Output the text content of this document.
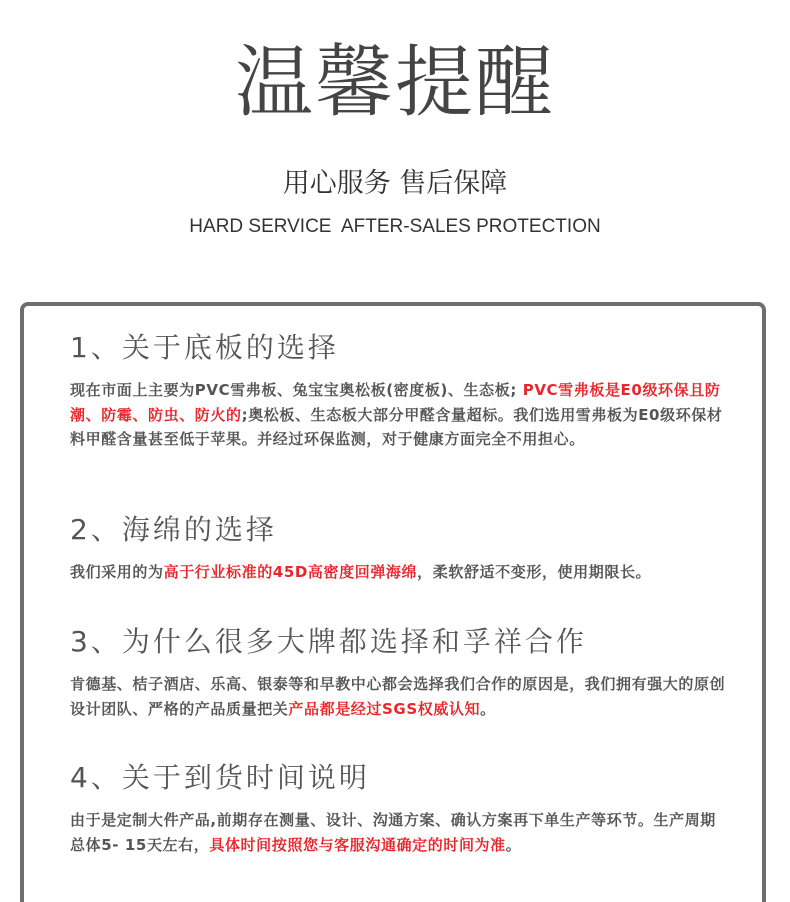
温馨提醒
用心服务 售后保障
HARD SERVICE  AFTER-SALES PROTECTION
1、关于底板的选择
现在市面上主要为PVC雪弗板、兔宝宝奥松板(密度板)、生态板; PVC雪弗板是E0级环保且防潮、防霉、防虫、防火的;奥松板、生态板大部分甲醛含量超标。我们选用雪弗板为E0级环保材料甲醛含量甚至低于苹果。并经过环保监测，对于健康方面完全不用担心。
2、海绵的选择
我们采用的为高于行业标准的45D高密度回弹海绵，柔软舒适不变形，使用期限长。
3、为什么很多大牌都选择和孚祥合作
肯德基、桔子酒店、乐高、银泰等和早教中心都会选择我们合作的原因是，我们拥有强大的原创设计团队、严格的产品质量把关产品都是经过SGS权威认知。
4、关于到货时间说明
由于是定制大件产品,前期存在测量、设计、沟通方案、确认方案再下单生产等环节。生产周期总体5- 15天左右，具体时间按照您与客服沟通确定的时间为准。
